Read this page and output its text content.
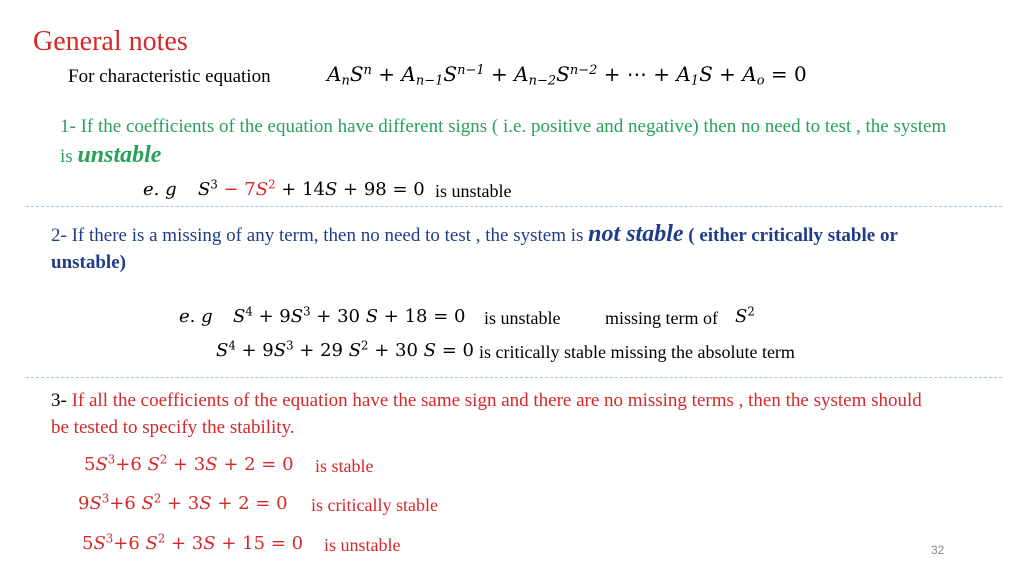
General notes
For characteristic equation	$A_nS^n + A_{n-1}S^{n-1} + A_{n-2}S^{n-2}$ + ⋯ + $A_1S + A_o = 0$
1- If the coefficients of the equation have different signs ( i.e. positive and negative) then no need to test , the system is unstable
e. g $S^3 - 7S^2 + 14S + 98 = 0$ is unstable
2- If there is a missing of any term, then no need to test , the system is not stable ( either critically stable or unstable)
e. g $S^4 + 9S^3 + 30$ S + 18 = 0 is unstable missing term of $S^2$
$S^4 + 9S^3 + 29$ $S^2 + 30$ S = 0 is critically stable missing the absolute term
3- If all the coefficients of the equation have the same sign and there are no missing terms , then the system should be tested to specify the stability.
$5S^3+6$ $S^2 + 3S + 2 = 0$ is stable
$9S^3+6$ $S^2 + 3S + 2 = 0$ is critically stable
$5S^3+6$ $S^2 + 3S + 15 = 0$ is unstable	32
